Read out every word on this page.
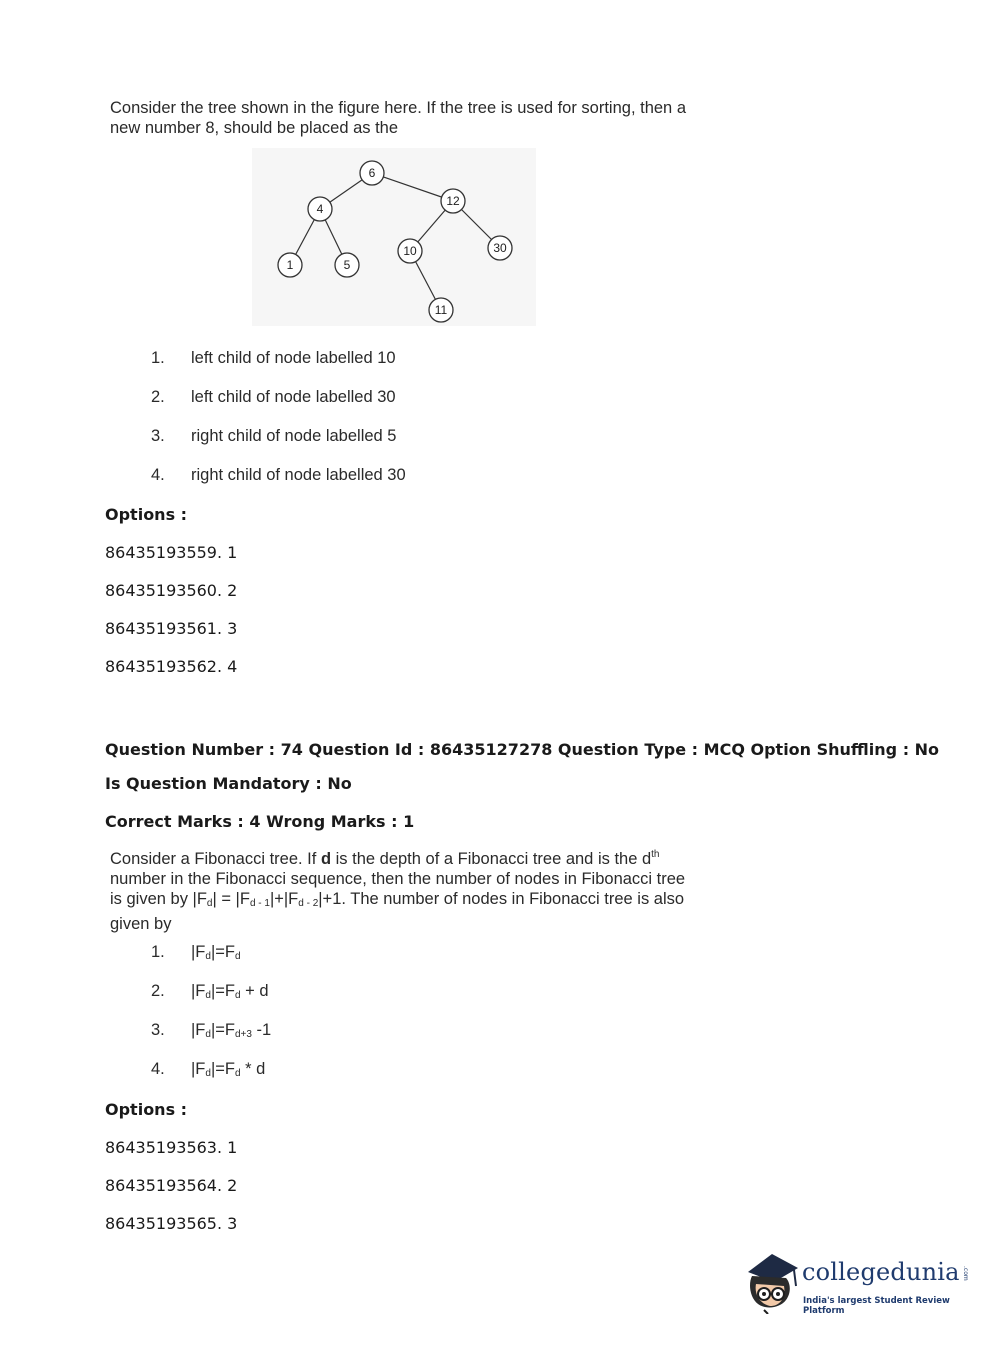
Consider the tree shown in the figure here. If the tree is used for sorting, then a

new number 8, should be placed as the

6
4
12
1	5
10	30
11
1. left child of node labelled 10
2. left child of node labelled 30
3. right child of node labelled 5
4. right child of node labelled 30
Options :
86435193559. 1
86435193560. 2
86435193561. 3
86435193562. 4
Question Number : 74 Question Id : 86435127278 Question Type : MCQ Option Shuffling : No
Is Question Mandatory : No
Correct Marks : 4 Wrong Marks : 1

Consider a Fibonacci tree. If d is the depth of a Fibonacci tree and is the $d^{th}$

number in the Fibonacci sequence, then the number of nodes in Fibonacci tree

is given by $|F_d| = |F_{d - 1}|+|F_{d - 2}|+1$. The number of nodes in Fibonacci tree is also

given by

1. $|F_d|=F_d$
2. $|F_d|=F_d + d$
3. $|F_d|=F_{d+3}$ -1
4. $|F_d|=F_d * d$
Options :
86435193563. 1
86435193564. 2
86435193565. 3
collegedunia .com
India's largest Student Review Platform
